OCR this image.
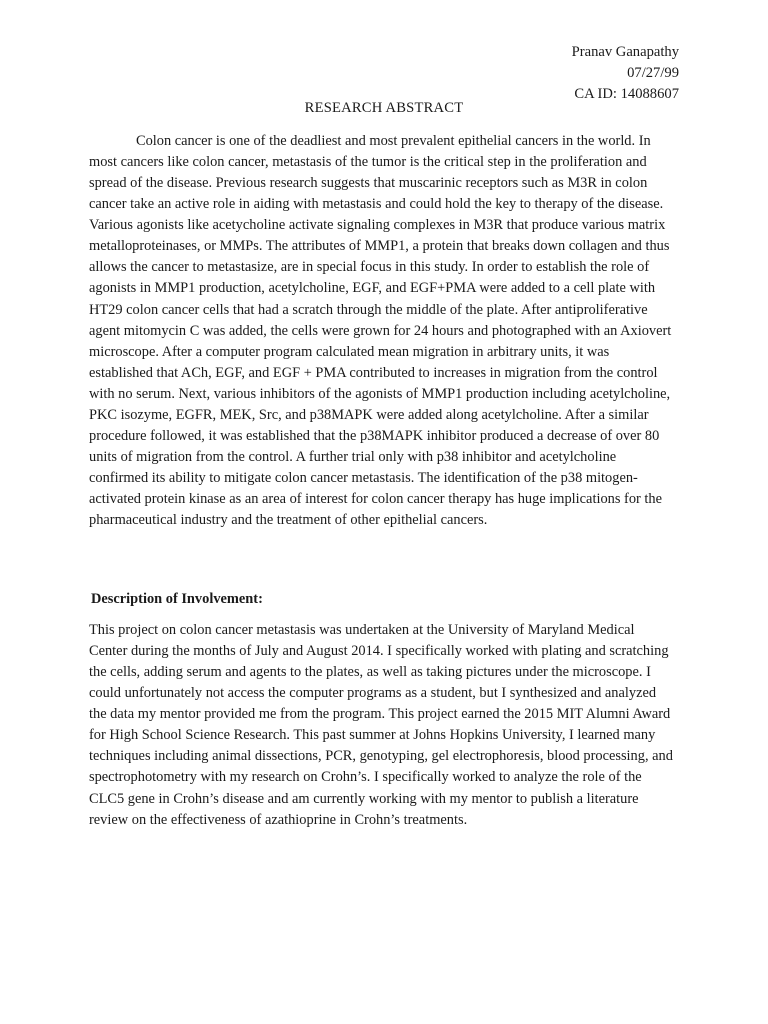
Pranav Ganapathy
07/27/99
CA ID: 14088607
RESEARCH ABSTRACT

Colon cancer is one of the deadliest and most prevalent epithelial cancers in the world. In most cancers like colon cancer, metastasis of the tumor is the critical step in the proliferation and spread of the disease. Previous research suggests that muscarinic receptors such as M3R in colon cancer take an active role in aiding with metastasis and could hold the key to therapy of the disease. Various agonists like acetycholine activate signaling complexes in M3R that produce various matrix metalloproteinases, or MMPs. The attributes of MMP1, a protein that breaks down collagen and thus allows the cancer to metastasize, are in special focus in this study. In order to establish the role of agonists in MMP1 production, acetylcholine, EGF, and EGF+PMA were added to a cell plate with HT29 colon cancer cells that had a scratch through the middle of the plate. After antiproliferative agent mitomycin C was added, the cells were grown for 24 hours and photographed with an Axiovert microscope. After a computer program calculated mean migration in arbitrary units, it was established that ACh, EGF, and EGF + PMA contributed to increases in migration from the control with no serum. Next, various inhibitors of the agonists of MMP1 production including acetylcholine, PKC isozyme, EGFR, MEK, Src, and p38MAPK were added along acetylcholine. After a similar procedure followed, it was established that the p38MAPK inhibitor produced a decrease of over 80 units of migration from the control. A further trial only with p38 inhibitor and acetylcholine confirmed its ability to mitigate colon cancer metastasis. The identification of the p38 mitogen-activated protein kinase as an area of interest for colon cancer therapy has huge implications for the pharmaceutical industry and the treatment of other epithelial cancers.

Description of Involvement:

This project on colon cancer metastasis was undertaken at the University of Maryland Medical Center during the months of July and August 2014. I specifically worked with plating and scratching the cells, adding serum and agents to the plates, as well as taking pictures under the microscope. I could unfortunately not access the computer programs as a student, but I synthesized and analyzed the data my mentor provided me from the program. This project earned the 2015 MIT Alumni Award for High School Science Research. This past summer at Johns Hopkins University, I learned many techniques including animal dissections, PCR, genotyping, gel electrophoresis, blood processing, and spectrophotometry with my research on Crohn’s. I specifically worked to analyze the role of the CLC5 gene in Crohn’s disease and am currently working with my mentor to publish a literature review on the effectiveness of azathioprine in Crohn’s treatments.
